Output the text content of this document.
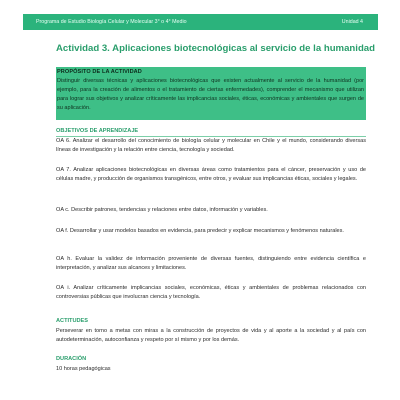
Programa de Estudio Biología Celular y Molecular 3° o 4° Medio	Unidad 4
Actividad 3. Aplicaciones biotecnológicas al servicio de la humanidad
PROPÓSITO DE LA ACTIVIDAD
Distinguir diversas técnicas y aplicaciones biotecnológicas que existen actualmente al servicio de la humanidad (por ejemplo, para la creación de alimentos o el tratamiento de ciertas enfermedades), comprender el mecanismo que utilizan para lograr sus objetivos y analizar críticamente las implicancias sociales, éticas, económicas y ambientales que surgen de su aplicación.
OBJETIVOS DE APRENDIZAJE
OA 6. Analizar el desarrollo del conocimiento de biología celular y molecular en Chile y el mundo, considerando diversas líneas de investigación y la relación entre ciencia, tecnología y sociedad.
OA 7. Analizar aplicaciones biotecnológicas en diversas áreas como tratamientos para el cáncer, preservación y uso de células madre, y producción de organismos transgénicos, entre otros, y evaluar sus implicancias éticas, sociales y legales.
OA c. Describir patrones, tendencias y relaciones entre datos, información y variables.
OA f. Desarrollar y usar modelos basados en evidencia, para predecir y explicar mecanismos y fenómenos naturales.
OA h. Evaluar la validez de información proveniente de diversas fuentes, distinguiendo entre evidencia científica e interpretación, y analizar sus alcances y limitaciones.
OA i. Analizar críticamente implicancias sociales, económicas, éticas y ambientales de problemas relacionados con controversias públicas que involucran ciencia y tecnología.
ACTITUDES
Perseverar en torno a metas con miras a la construcción de proyectos de vida y al aporte a la sociedad y al país con autodeterminación, autoconfianza y respeto por sí mismo y por los demás.
DURACIÓN
10 horas pedagógicas
